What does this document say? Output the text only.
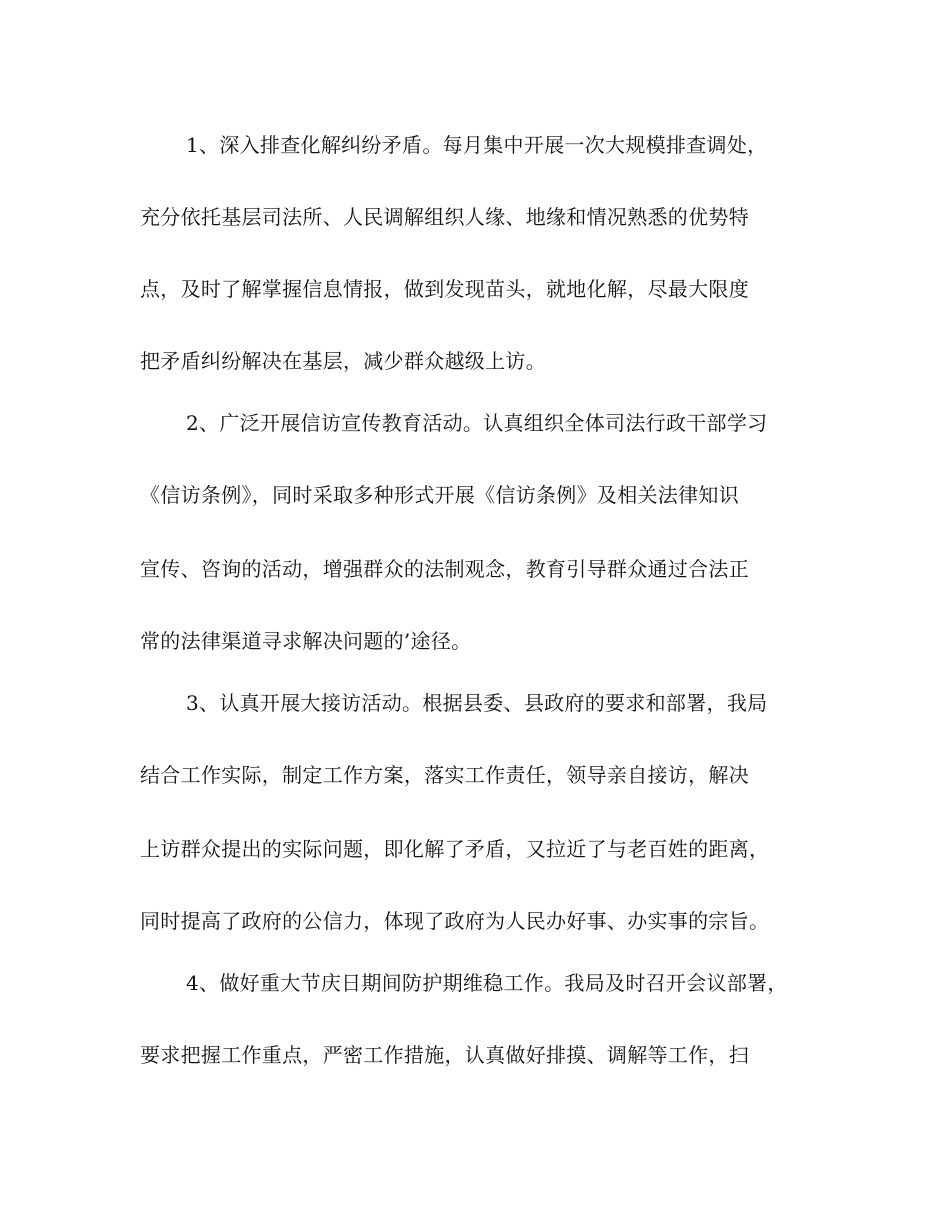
1、深入排查化解纠纷矛盾。每月集中开展一次大规模排查调处，
充分依托基层司法所、人民调解组织人缘、地缘和情况熟悉的优势特
点，及时了解掌握信息情报，做到发现苗头，就地化解，尽最大限度
把矛盾纠纷解决在基层，减少群众越级上访。
2、广泛开展信访宣传教育活动。认真组织全体司法行政干部学习
《信访条例》，同时采取多种形式开展《信访条例》及相关法律知识
宣传、咨询的活动，增强群众的法制观念，教育引导群众通过合法正
常的法律渠道寻求解决问题的’途径。
3、认真开展大接访活动。根据县委、县政府的要求和部署，我局
结合工作实际，制定工作方案，落实工作责任，领导亲自接访，解决
上访群众提出的实际问题，即化解了矛盾，又拉近了与老百姓的距离，
同时提高了政府的公信力，体现了政府为人民办好事、办实事的宗旨。
4、做好重大节庆日期间防护期维稳工作。我局及时召开会议部署，
要求把握工作重点，严密工作措施，认真做好排摸、调解等工作，扫
